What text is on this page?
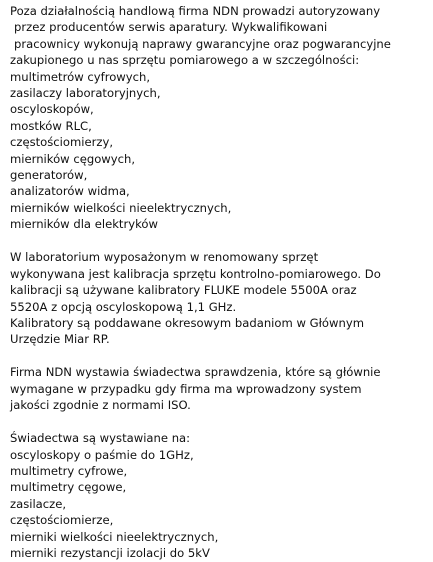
Poza działalnością handlową firma NDN prowadzi autoryzowany
przez producentów serwis aparatury. Wykwalifikowani
pracownicy wykonują naprawy gwarancyjne oraz pogwarancyjne
zakupionego u nas sprzętu pomiarowego a w szczególności:
multimetrów cyfrowych,
zasilaczy laboratoryjnych,
oscyloskopów,
mostków RLC,
częstościomierzy,
mierników cęgowych,
generatorów,
analizatorów widma,
mierników wielkości nieelektrycznych,
mierników dla elektryków
W laboratorium wyposażonym w renomowany sprzęt
wykonywana jest kalibracja sprzętu kontrolno-pomiarowego. Do
kalibracji są używane kalibratory FLUKE modele 5500A oraz
5520A z opcją oscyloskopową 1,1 GHz.
Kalibratory są poddawane okresowym badaniom w Głównym
Urzędzie Miar RP.
Firma NDN wystawia świadectwa sprawdzenia, które są głównie
wymagane w przypadku gdy firma ma wprowadzony system
jakości zgodnie z normami ISO.
Świadectwa są wystawiane na:
oscyloskopy o paśmie do 1GHz,
multimetry cyfrowe,
multimetry cęgowe,
zasilacze,
częstościomierze,
mierniki wielkości nieelektrycznych,
mierniki rezystancji izolacji do 5kV
